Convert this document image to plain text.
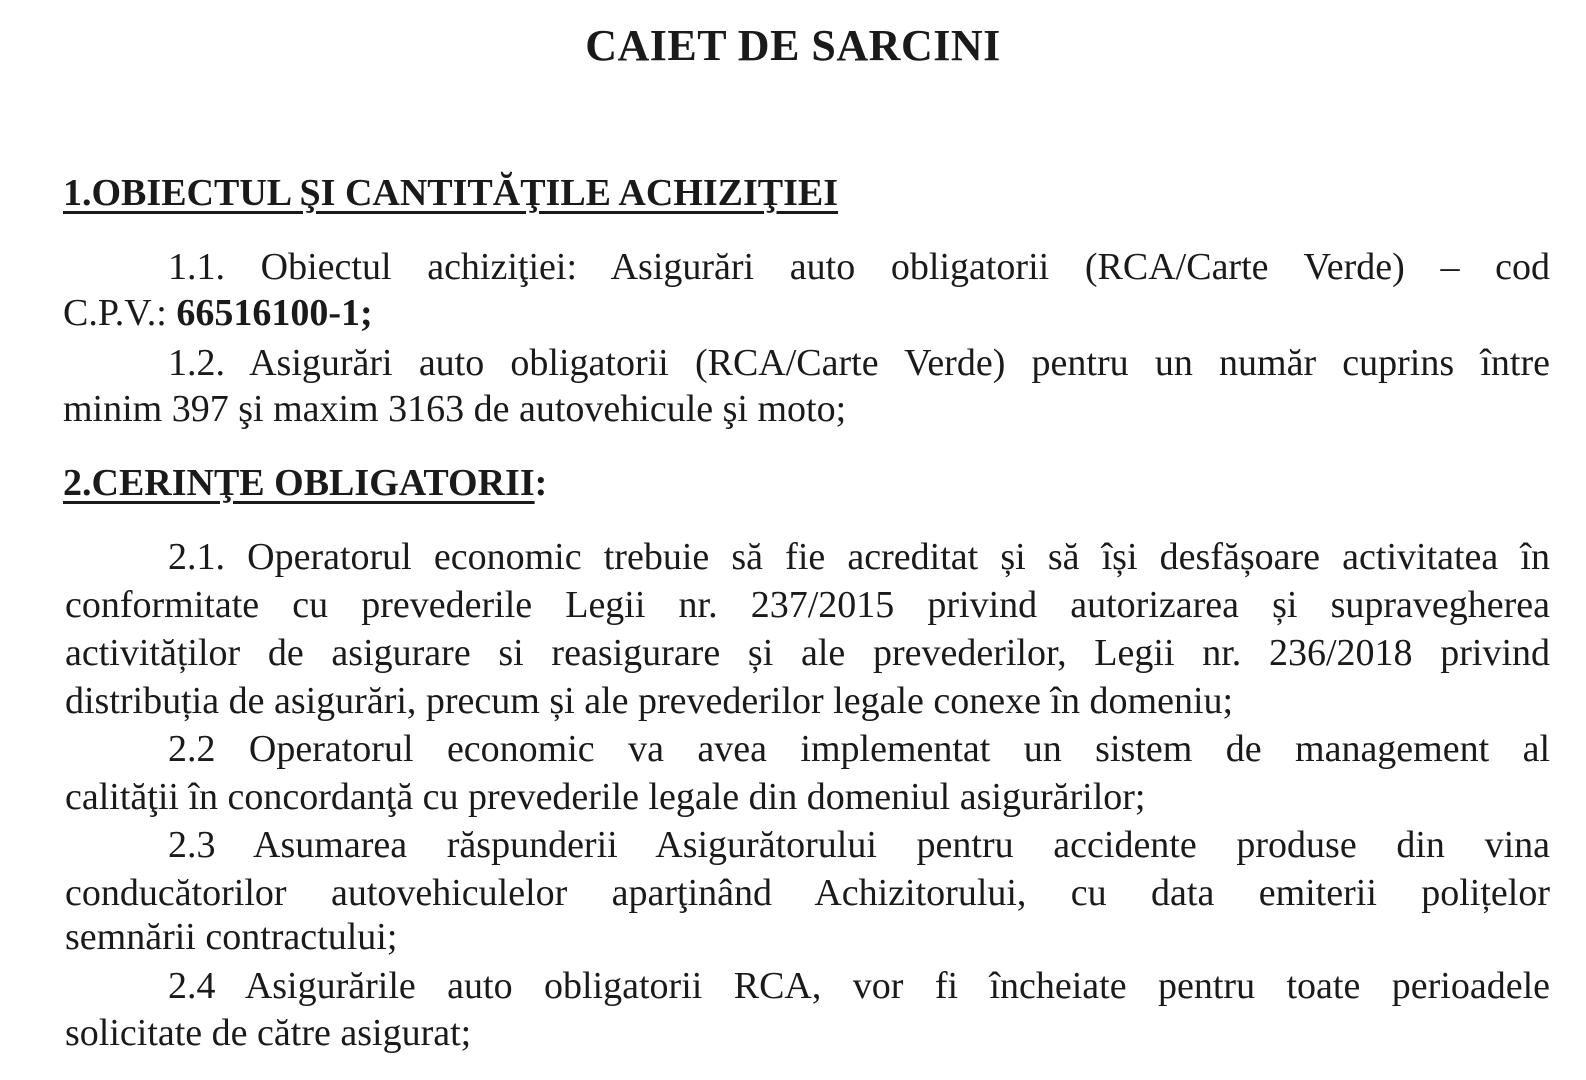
CAIET DE SARCINI
1.OBIECTUL ŞI CANTITĂŢILE ACHIZIŢIEI
1.1. Obiectul achiziţiei: Asigurări auto obligatorii (RCA/Carte Verde) – cod
C.P.V.: 66516100-1;
1.2. Asigurări auto obligatorii (RCA/Carte Verde) pentru un număr cuprins între
minim 397 şi maxim 3163 de autovehicule şi moto;
2.CERINŢE OBLIGATORII:
2.1. Operatorul economic trebuie să fie acreditat și să își desfășoare activitatea în
conformitate cu prevederile Legii nr. 237/2015 privind autorizarea și supravegherea
activităților de asigurare si reasigurare și ale prevederilor, Legii nr. 236/2018 privind
distribuția de asigurări, precum și ale prevederilor legale conexe în domeniu;
2.2 Operatorul economic va avea implementat un sistem de management al
calităţii în concordanţă cu prevederile legale din domeniul asigurărilor;
2.3 Asumarea răspunderii Asigurătorului pentru accidente produse din vina
conducătorilor autovehiculelor aparţinând Achizitorului, cu data emiterii polițelor
semnării contractului;
2.4 Asigurările auto obligatorii RCA, vor fi încheiate pentru toate perioadele
solicitate de către asigurat;
